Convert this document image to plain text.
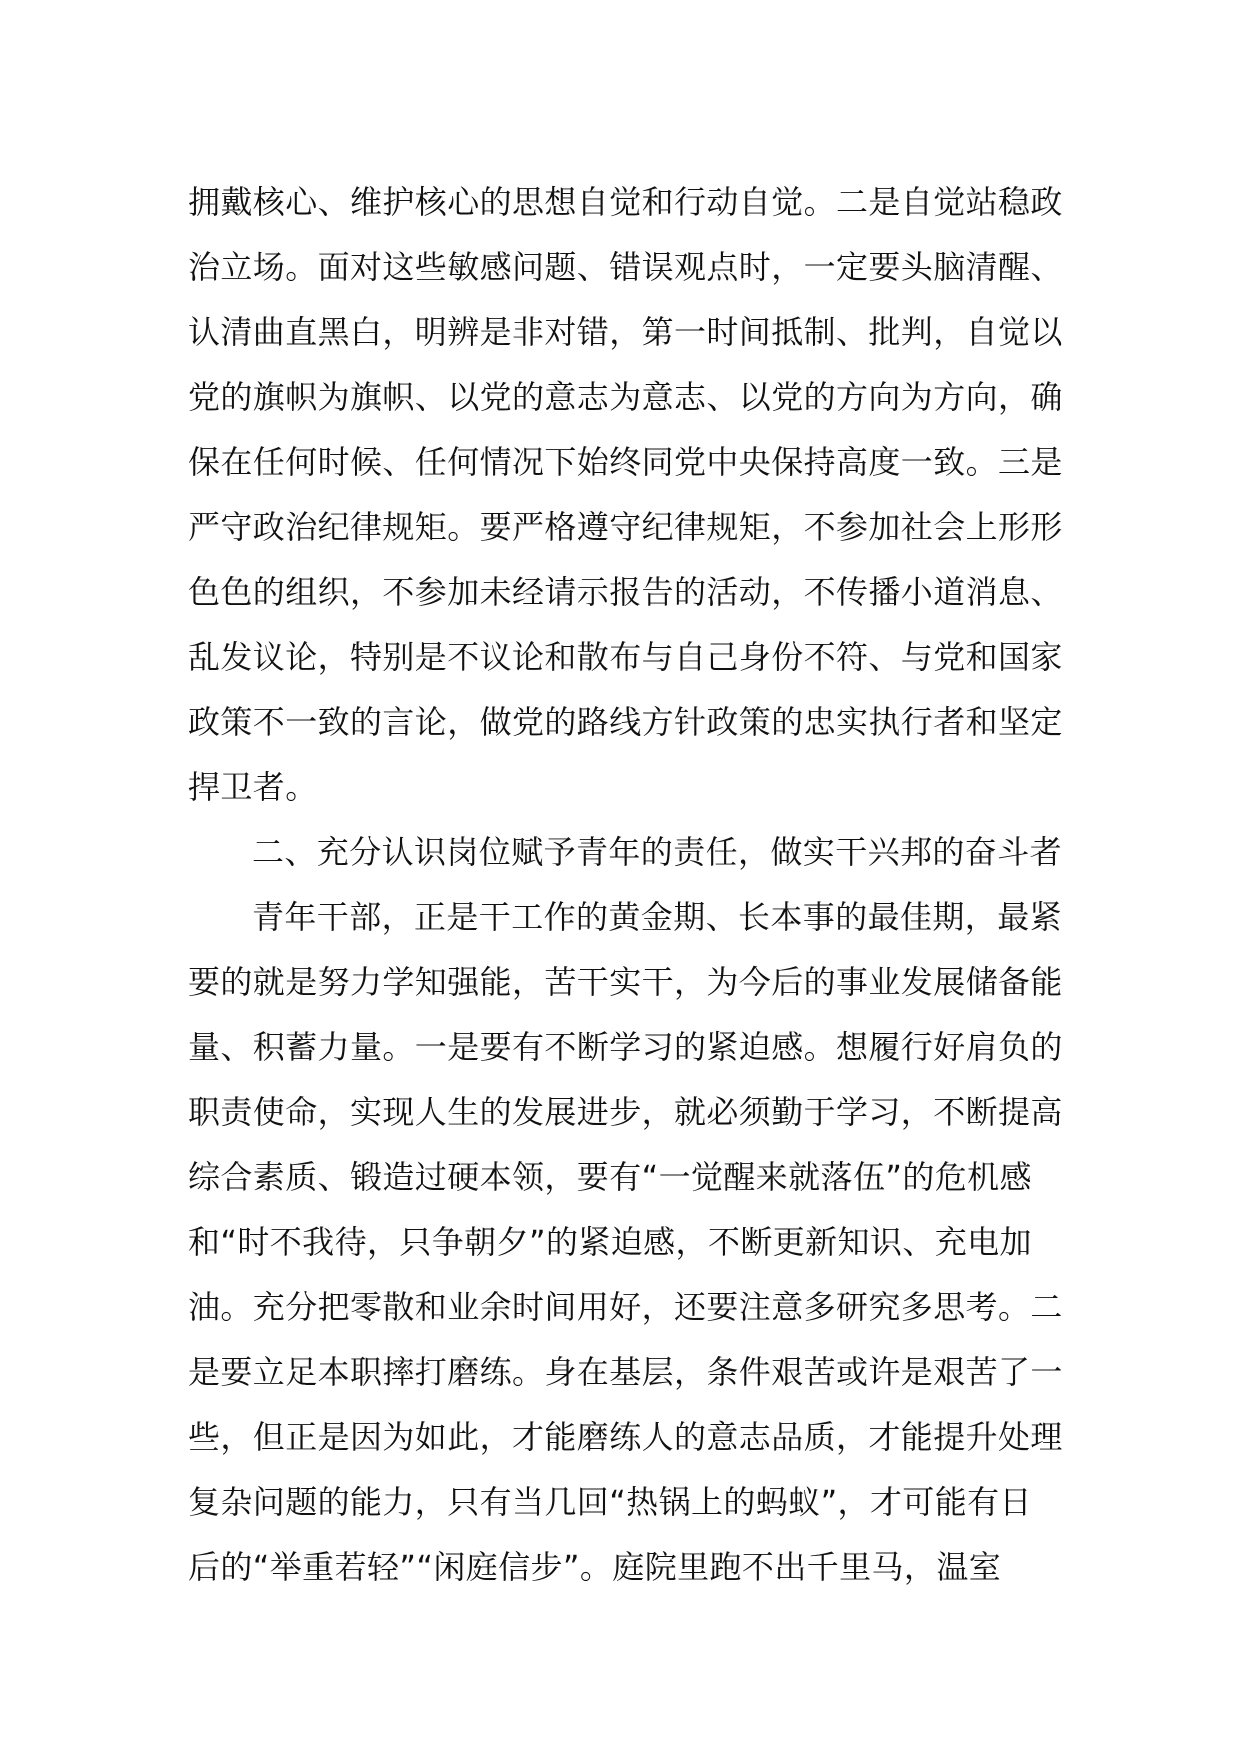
拥戴核心、维护核心的思想自觉和行动自觉。二是自觉站稳政
治立场。面对这些敏感问题、错误观点时，一定要头脑清醒、
认清曲直黑白，明辨是非对错，第一时间抵制、批判，自觉以
党的旗帜为旗帜、以党的意志为意志、以党的方向为方向，确
保在任何时候、任何情况下始终同党中央保持高度一致。三是
严守政治纪律规矩。要严格遵守纪律规矩，不参加社会上形形
色色的组织，不参加未经请示报告的活动，不传播小道消息、
乱发议论，特别是不议论和散布与自己身份不符、与党和国家
政策不一致的言论，做党的路线方针政策的忠实执行者和坚定
捍卫者。
二、充分认识岗位赋予青年的责任，做实干兴邦的奋斗者
青年干部，正是干工作的黄金期、长本事的最佳期，最紧
要的就是努力学知强能，苦干实干，为今后的事业发展储备能
量、积蓄力量。一是要有不断学习的紧迫感。想履行好肩负的
职责使命，实现人生的发展进步，就必须勤于学习，不断提高
综合素质、锻造过硬本领，要有“一觉醒来就落伍”的危机感
和“时不我待，只争朝夕”的紧迫感，不断更新知识、充电加
油。充分把零散和业余时间用好，还要注意多研究多思考。二
是要立足本职摔打磨练。身在基层，条件艰苦或许是艰苦了一
些，但正是因为如此，才能磨练人的意志品质，才能提升处理
复杂问题的能力，只有当几回“热锅上的蚂蚁”，才可能有日
后的“举重若轻”“闲庭信步”。庭院里跑不出千里马，温室
